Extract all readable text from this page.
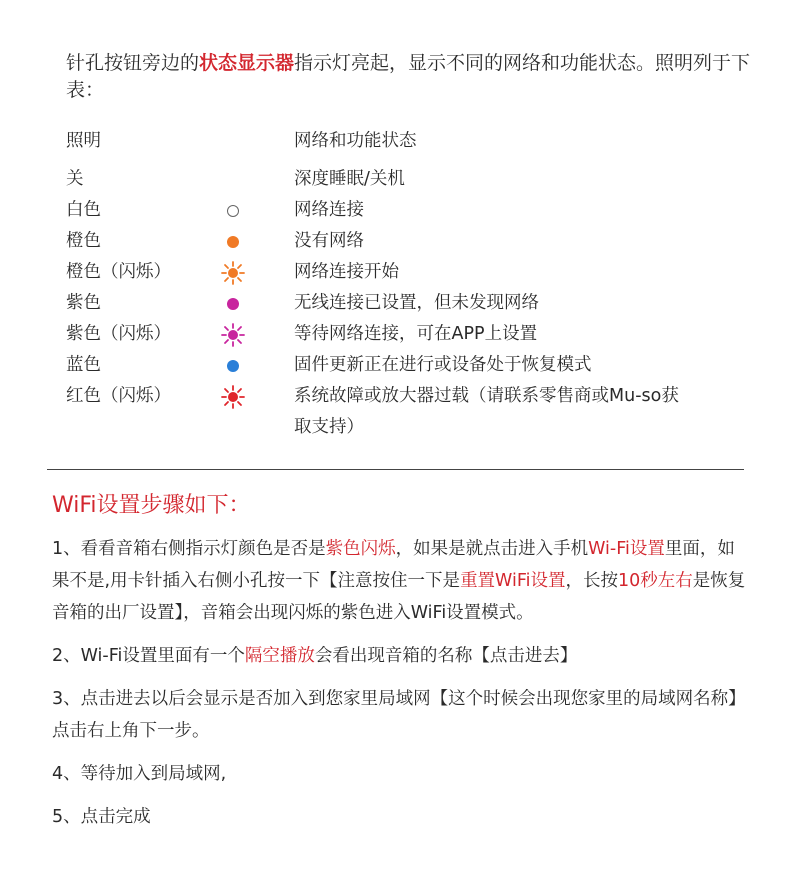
针孔按钮旁边的状态显示器指示灯亮起，显示不同的网络和功能状态。照明列于下表：
照明	网络和功能状态
关	深度睡眠/关机
白色	网络连接
橙色	没有网络
橙色（闪烁）	网络连接开始
紫色	无线连接已设置，但未发现网络
紫色（闪烁）	等待网络连接，可在APP上设置
蓝色	固件更新正在进行或设备处于恢复模式
红色（闪烁）	系统故障或放大器过载（请联系零售商或Mu-so获取支持）
WiFi设置步骤如下：

1、看看音箱右侧指示灯颜色是否是紫色闪烁，如果是就点击进入手机Wi-Fi设置里面，如果不是,用卡针插入右侧小孔按一下【注意按住一下是重置WiFi设置，长按10秒左右是恢复音箱的出厂设置】，音箱会出现闪烁的紫色进入WiFi设置模式。

2、Wi-Fi设置里面有一个隔空播放会看出现音箱的名称【点击进去】

3、点击进去以后会显示是否加入到您家里局域网【这个时候会出现您家里的局域网名称】点击右上角下一步。

4、等待加入到局域网,

5、点击完成
